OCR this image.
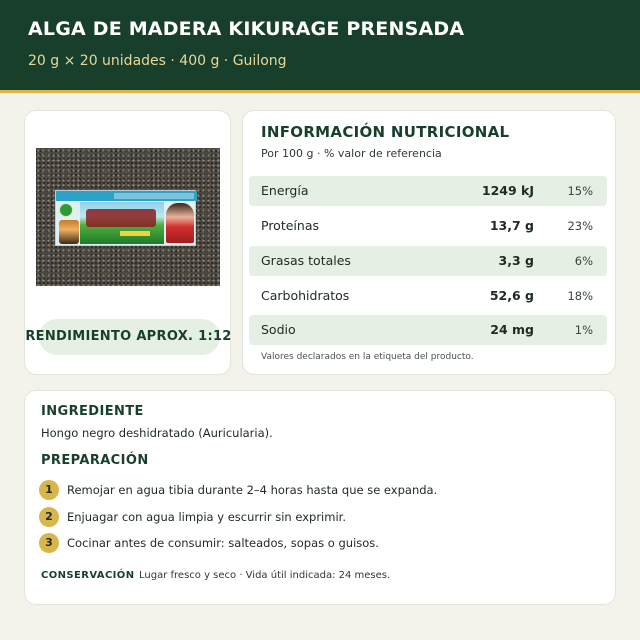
ALGA DE MADERA KIKURAGE PRENSADA
20 g × 20 unidades · 400 g · Guilong
RENDIMIENTO APROX. 1:12
INFORMACIÓN NUTRICIONAL
Por 100 g · % valor de referencia
Energía	1249 kJ	15%
Proteínas	13,7 g	23%
Grasas totales	3,3 g	6%
Carbohidratos	52,6 g	18%
Sodio	24 mg	1%
Valores declarados en la etiqueta del producto.
INGREDIENTE
Hongo negro deshidratado (Auricularia).
PREPARACIÓN
1	Remojar en agua tibia durante 2–4 horas hasta que se expanda.
2	Enjuagar con agua limpia y escurrir sin exprimir.
3	Cocinar antes de consumir: salteados, sopas o guisos.
CONSERVACIÓN Lugar fresco y seco · Vida útil indicada: 24 meses.
